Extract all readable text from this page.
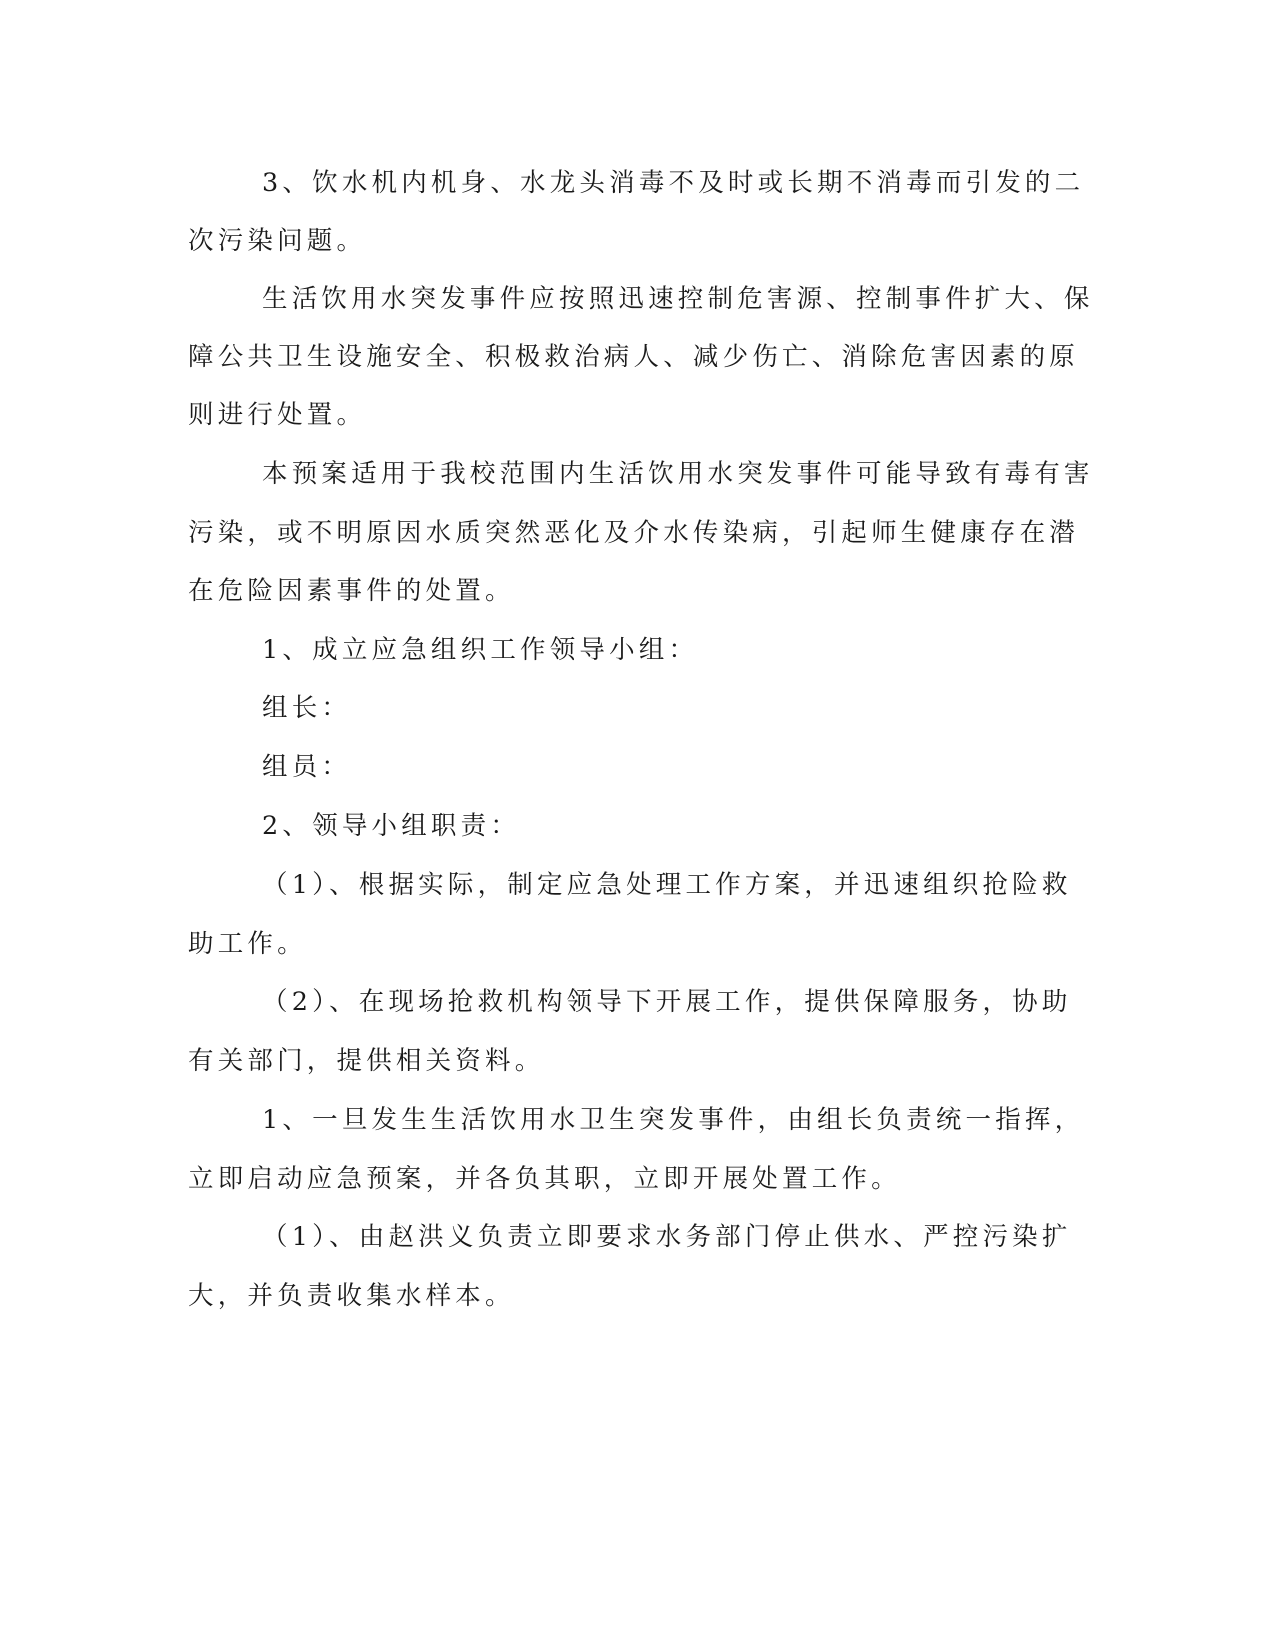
3、饮水机内机身、水龙头消毒不及时或长期不消毒而引发的二

次污染问题。

生活饮用水突发事件应按照迅速控制危害源、控制事件扩大、保

障公共卫生设施安全、积极救治病人、减少伤亡、消除危害因素的原

则进行处置。

本预案适用于我校范围内生活饮用水突发事件可能导致有毒有害

污染，或不明原因水质突然恶化及介水传染病，引起师生健康存在潜

在危险因素事件的处置。

1、成立应急组织工作领导小组：

组长：

组员：

2、领导小组职责：

（1）、根据实际，制定应急处理工作方案，并迅速组织抢险救

助工作。

（2）、在现场抢救机构领导下开展工作，提供保障服务，协助

有关部门，提供相关资料。

1、一旦发生生活饮用水卫生突发事件，由组长负责统一指挥，

立即启动应急预案，并各负其职，立即开展处置工作。

（1）、由赵洪义负责立即要求水务部门停止供水、严控污染扩

大，并负责收集水样本。
